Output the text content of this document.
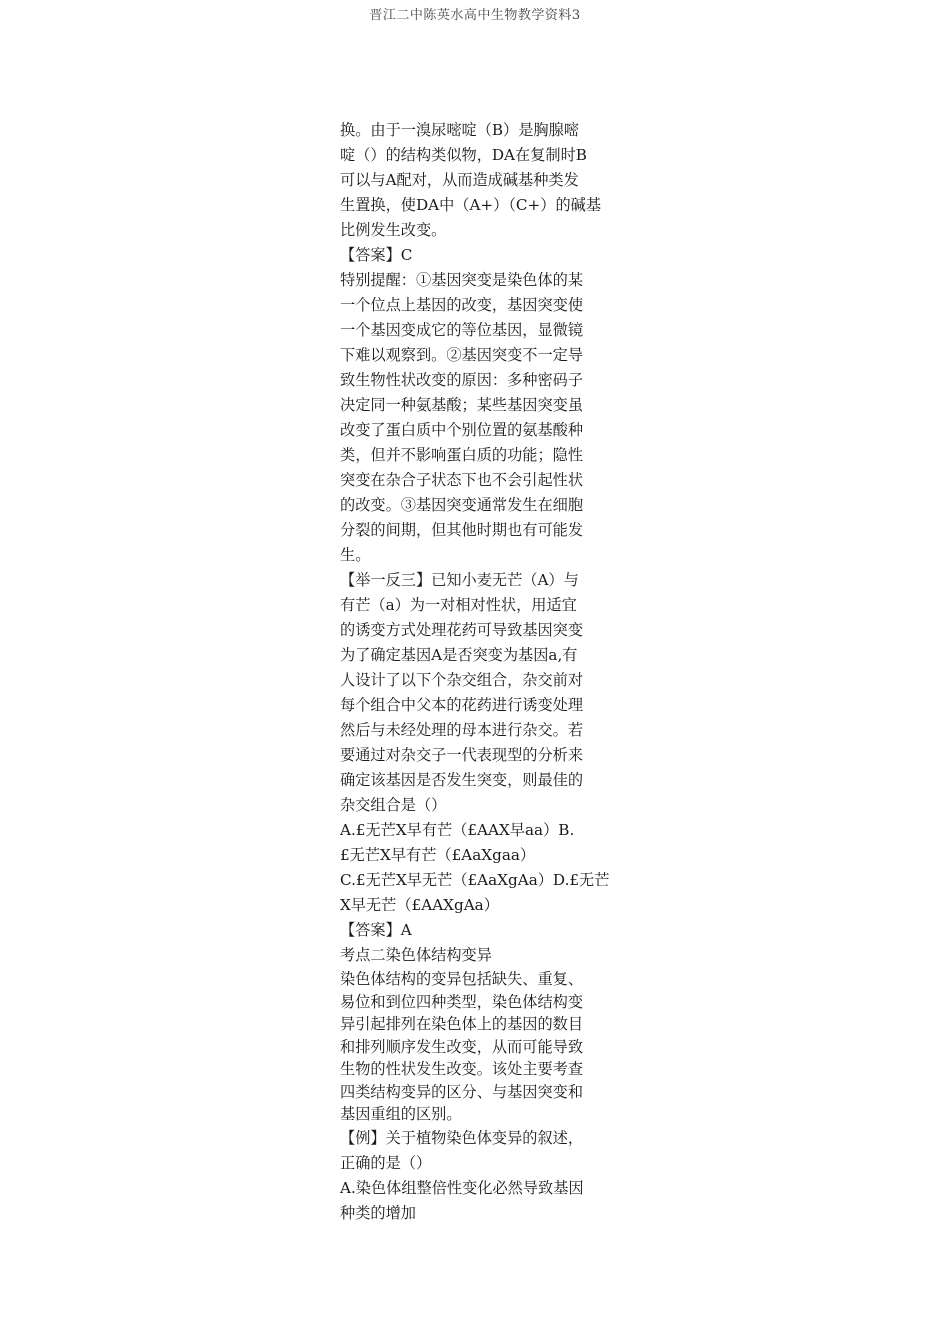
晋江二中陈英水高中生物教学资料3

换。由于一溴尿嘧啶（B）是胸腺嘧

啶（）的结构类似物，DA在复制时B

可以与A配对，从而造成碱基种类发

生置换，使DA中（A+）（C+）的碱基

比例发生改变。

【答案】C

特别提醒：①基因突变是染色体的某

一个位点上基因的改变，基因突变使

一个基因变成它的等位基因，显微镜

下难以观察到。②基因突变不一定导

致生物性状改变的原因：多种密码子

决定同一种氨基酸；某些基因突变虽

改变了蛋白质中个别位置的氨基酸种

类，但并不影响蛋白质的功能；隐性

突变在杂合子状态下也不会引起性状

的改变。③基因突变通常发生在细胞

分裂的间期，但其他时期也有可能发

生。

【举一反三】已知小麦无芒（A）与

有芒（a）为一对相对性状，用适宜

的诱变方式处理花药可导致基因突变

为了确定基因A是否突变为基因a,有

人设计了以下个杂交组合，杂交前对

每个组合中父本的花药进行诱变处理

然后与未经处理的母本进行杂交。若

要通过对杂交子一代表现型的分析来

确定该基因是否发生突变，则最佳的

杂交组合是（）

A.£无芒X早有芒（£AAX早aa）B.

£无芒X早有芒（£AaXgaa）

C.£无芒X早无芒（£AaXgAa）D.£无芒

X早无芒（£AAXgAa）

【答案】A

考点二染色体结构变异

染色体结构的变异包括缺失、重复、

易位和到位四种类型，染色体结构变

异引起排列在染色体上的基因的数目

和排列顺序发生改变，从而可能导致

生物的性状发生改变。该处主要考查

四类结构变异的区分、与基因突变和

基因重组的区别。

【例】关于植物染色体变异的叙述，

正确的是（）

A.染色体组整倍性变化必然导致基因

种类的增加
